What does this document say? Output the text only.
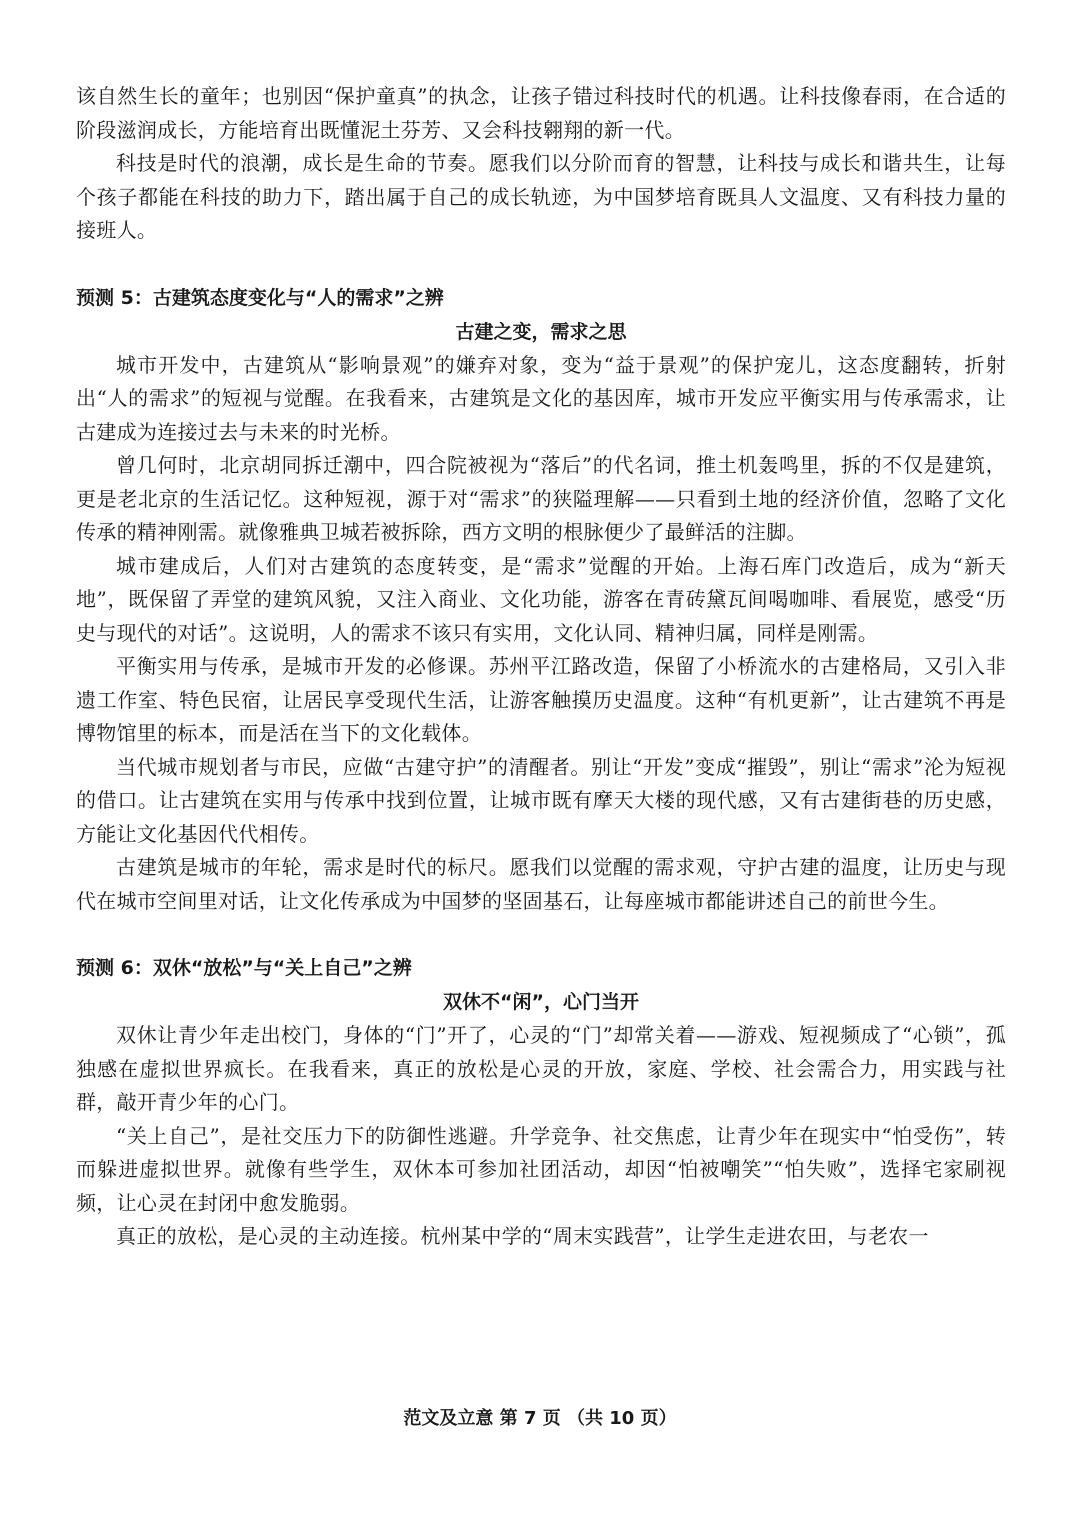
该自然生长的童年；也别因“保护童真”的执念，让孩子错过科技时代的机遇。让科技像春雨，在合适的阶段滋润成长，方能培育出既懂泥土芬芳、又会科技翱翔的新一代。

科技是时代的浪潮，成长是生命的节奏。愿我们以分阶而育的智慧，让科技与成长和谐共生，让每个孩子都能在科技的助力下，踏出属于自己的成长轨迹，为中国梦培育既具人文温度、又有科技力量的接班人。

预测 5：古建筑态度变化与“人的需求”之辨

古建之变，需求之思

城市开发中，古建筑从“影响景观”的嫌弃对象，变为“益于景观”的保护宠儿，这态度翻转，折射出“人的需求”的短视与觉醒。在我看来，古建筑是文化的基因库，城市开发应平衡实用与传承需求，让古建成为连接过去与未来的时光桥。

曾几何时，北京胡同拆迁潮中，四合院被视为“落后”的代名词，推土机轰鸣里，拆的不仅是建筑，更是老北京的生活记忆。这种短视，源于对“需求”的狭隘理解——只看到土地的经济价值，忽略了文化传承的精神刚需。就像雅典卫城若被拆除，西方文明的根脉便少了最鲜活的注脚。

城市建成后，人们对古建筑的态度转变，是“需求”觉醒的开始。上海石库门改造后，成为“新天地”，既保留了弄堂的建筑风貌，又注入商业、文化功能，游客在青砖黛瓦间喝咖啡、看展览，感受“历史与现代的对话”。这说明，人的需求不该只有实用，文化认同、精神归属，同样是刚需。

平衡实用与传承，是城市开发的必修课。苏州平江路改造，保留了小桥流水的古建格局，又引入非遗工作室、特色民宿，让居民享受现代生活，让游客触摸历史温度。这种“有机更新”，让古建筑不再是博物馆里的标本，而是活在当下的文化载体。

当代城市规划者与市民，应做“古建守护”的清醒者。别让“开发”变成“摧毁”，别让“需求”沦为短视的借口。让古建筑在实用与传承中找到位置，让城市既有摩天大楼的现代感，又有古建街巷的历史感，方能让文化基因代代相传。

古建筑是城市的年轮，需求是时代的标尺。愿我们以觉醒的需求观，守护古建的温度，让历史与现代在城市空间里对话，让文化传承成为中国梦的坚固基石，让每座城市都能讲述自己的前世今生。

预测 6：双休“放松”与“关上自己”之辨

双休不“闲”，心门当开

双休让青少年走出校门，身体的“门”开了，心灵的“门”却常关着——游戏、短视频成了“心锁”，孤独感在虚拟世界疯长。在我看来，真正的放松是心灵的开放，家庭、学校、社会需合力，用实践与社群，敲开青少年的心门。

“关上自己”，是社交压力下的防御性逃避。升学竞争、社交焦虑，让青少年在现实中“怕受伤”，转而躲进虚拟世界。就像有些学生，双休本可参加社团活动，却因“怕被嘲笑”“怕失败”，选择宅家刷视频，让心灵在封闭中愈发脆弱。

真正的放松，是心灵的主动连接。杭州某中学的“周末实践营”，让学生走进农田，与老农一

范文及立意 第 7 页 （共 10 页）
